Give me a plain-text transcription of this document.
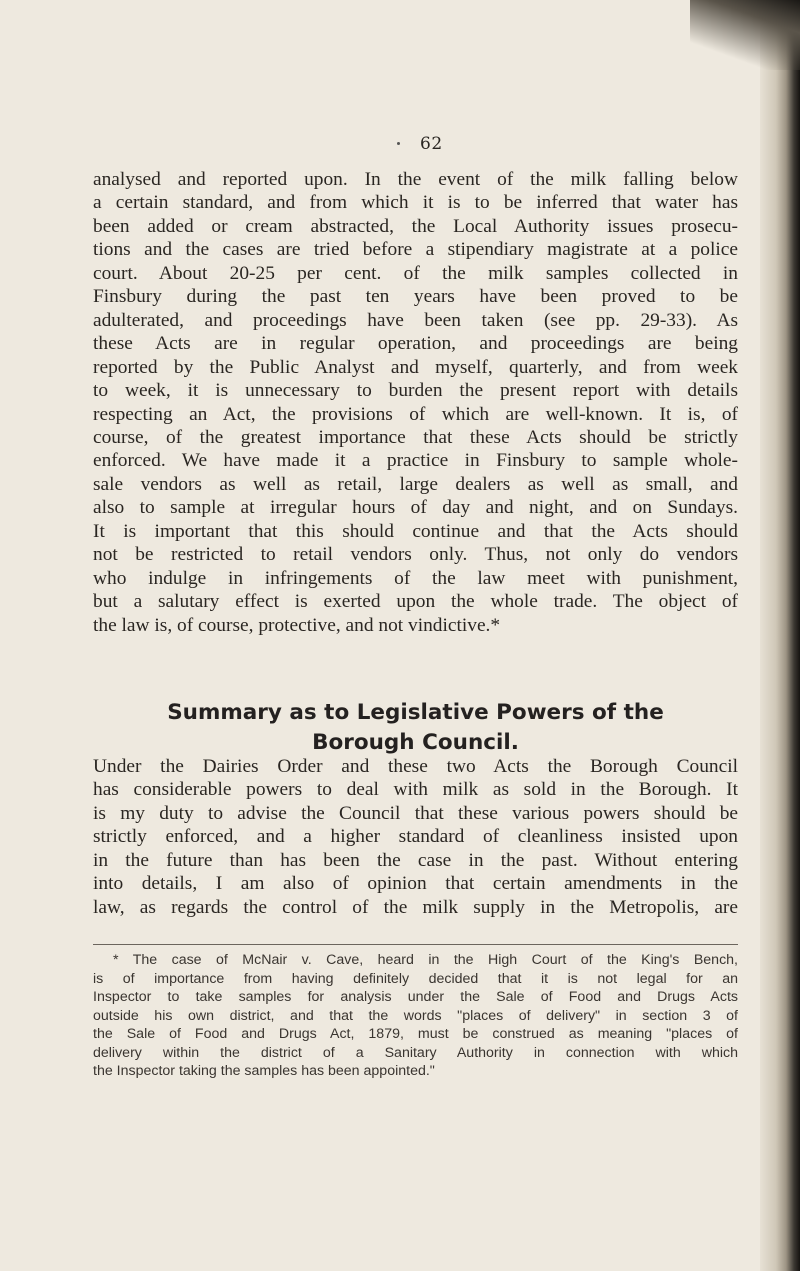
62
analysed and reported upon. In the event of the milk falling below
a certain standard, and from which it is to be inferred that water has
been added or cream abstracted, the Local Authority issues prosecu-
tions and the cases are tried before a stipendiary magistrate at a police
court. About 20-25 per cent. of the milk samples collected in
Finsbury during the past ten years have been proved to be
adulterated, and proceedings have been taken (see pp. 29-33). As
these Acts are in regular operation, and proceedings are being
reported by the Public Analyst and myself, quarterly, and from week
to week, it is unnecessary to burden the present report with details
respecting an Act, the provisions of which are well-known. It is, of
course, of the greatest importance that these Acts should be strictly
enforced. We have made it a practice in Finsbury to sample whole-
sale vendors as well as retail, large dealers as well as small, and
also to sample at irregular hours of day and night, and on Sundays.
It is important that this should continue and that the Acts should
not be restricted to retail vendors only. Thus, not only do vendors
who indulge in infringements of the law meet with punishment,
but a salutary effect is exerted upon the whole trade. The object of
the law is, of course, protective, and not vindictive.*
Summary as to Legislative Powers of the
Borough Council.
Under the Dairies Order and these two Acts the Borough Council
has considerable powers to deal with milk as sold in the Borough. It
is my duty to advise the Council that these various powers should be
strictly enforced, and a higher standard of cleanliness insisted upon
in the future than has been the case in the past. Without entering
into details, I am also of opinion that certain amendments in the
law, as regards the control of the milk supply in the Metropolis, are
* The case of McNair v. Cave, heard in the High Court of the King's Bench,
is of importance from having definitely decided that it is not legal for an
Inspector to take samples for analysis under the Sale of Food and Drugs Acts
outside his own district, and that the words "places of delivery" in section 3 of
the Sale of Food and Drugs Act, 1879, must be construed as meaning "places of
delivery within the district of a Sanitary Authority in connection with which
the Inspector taking the samples has been appointed."
